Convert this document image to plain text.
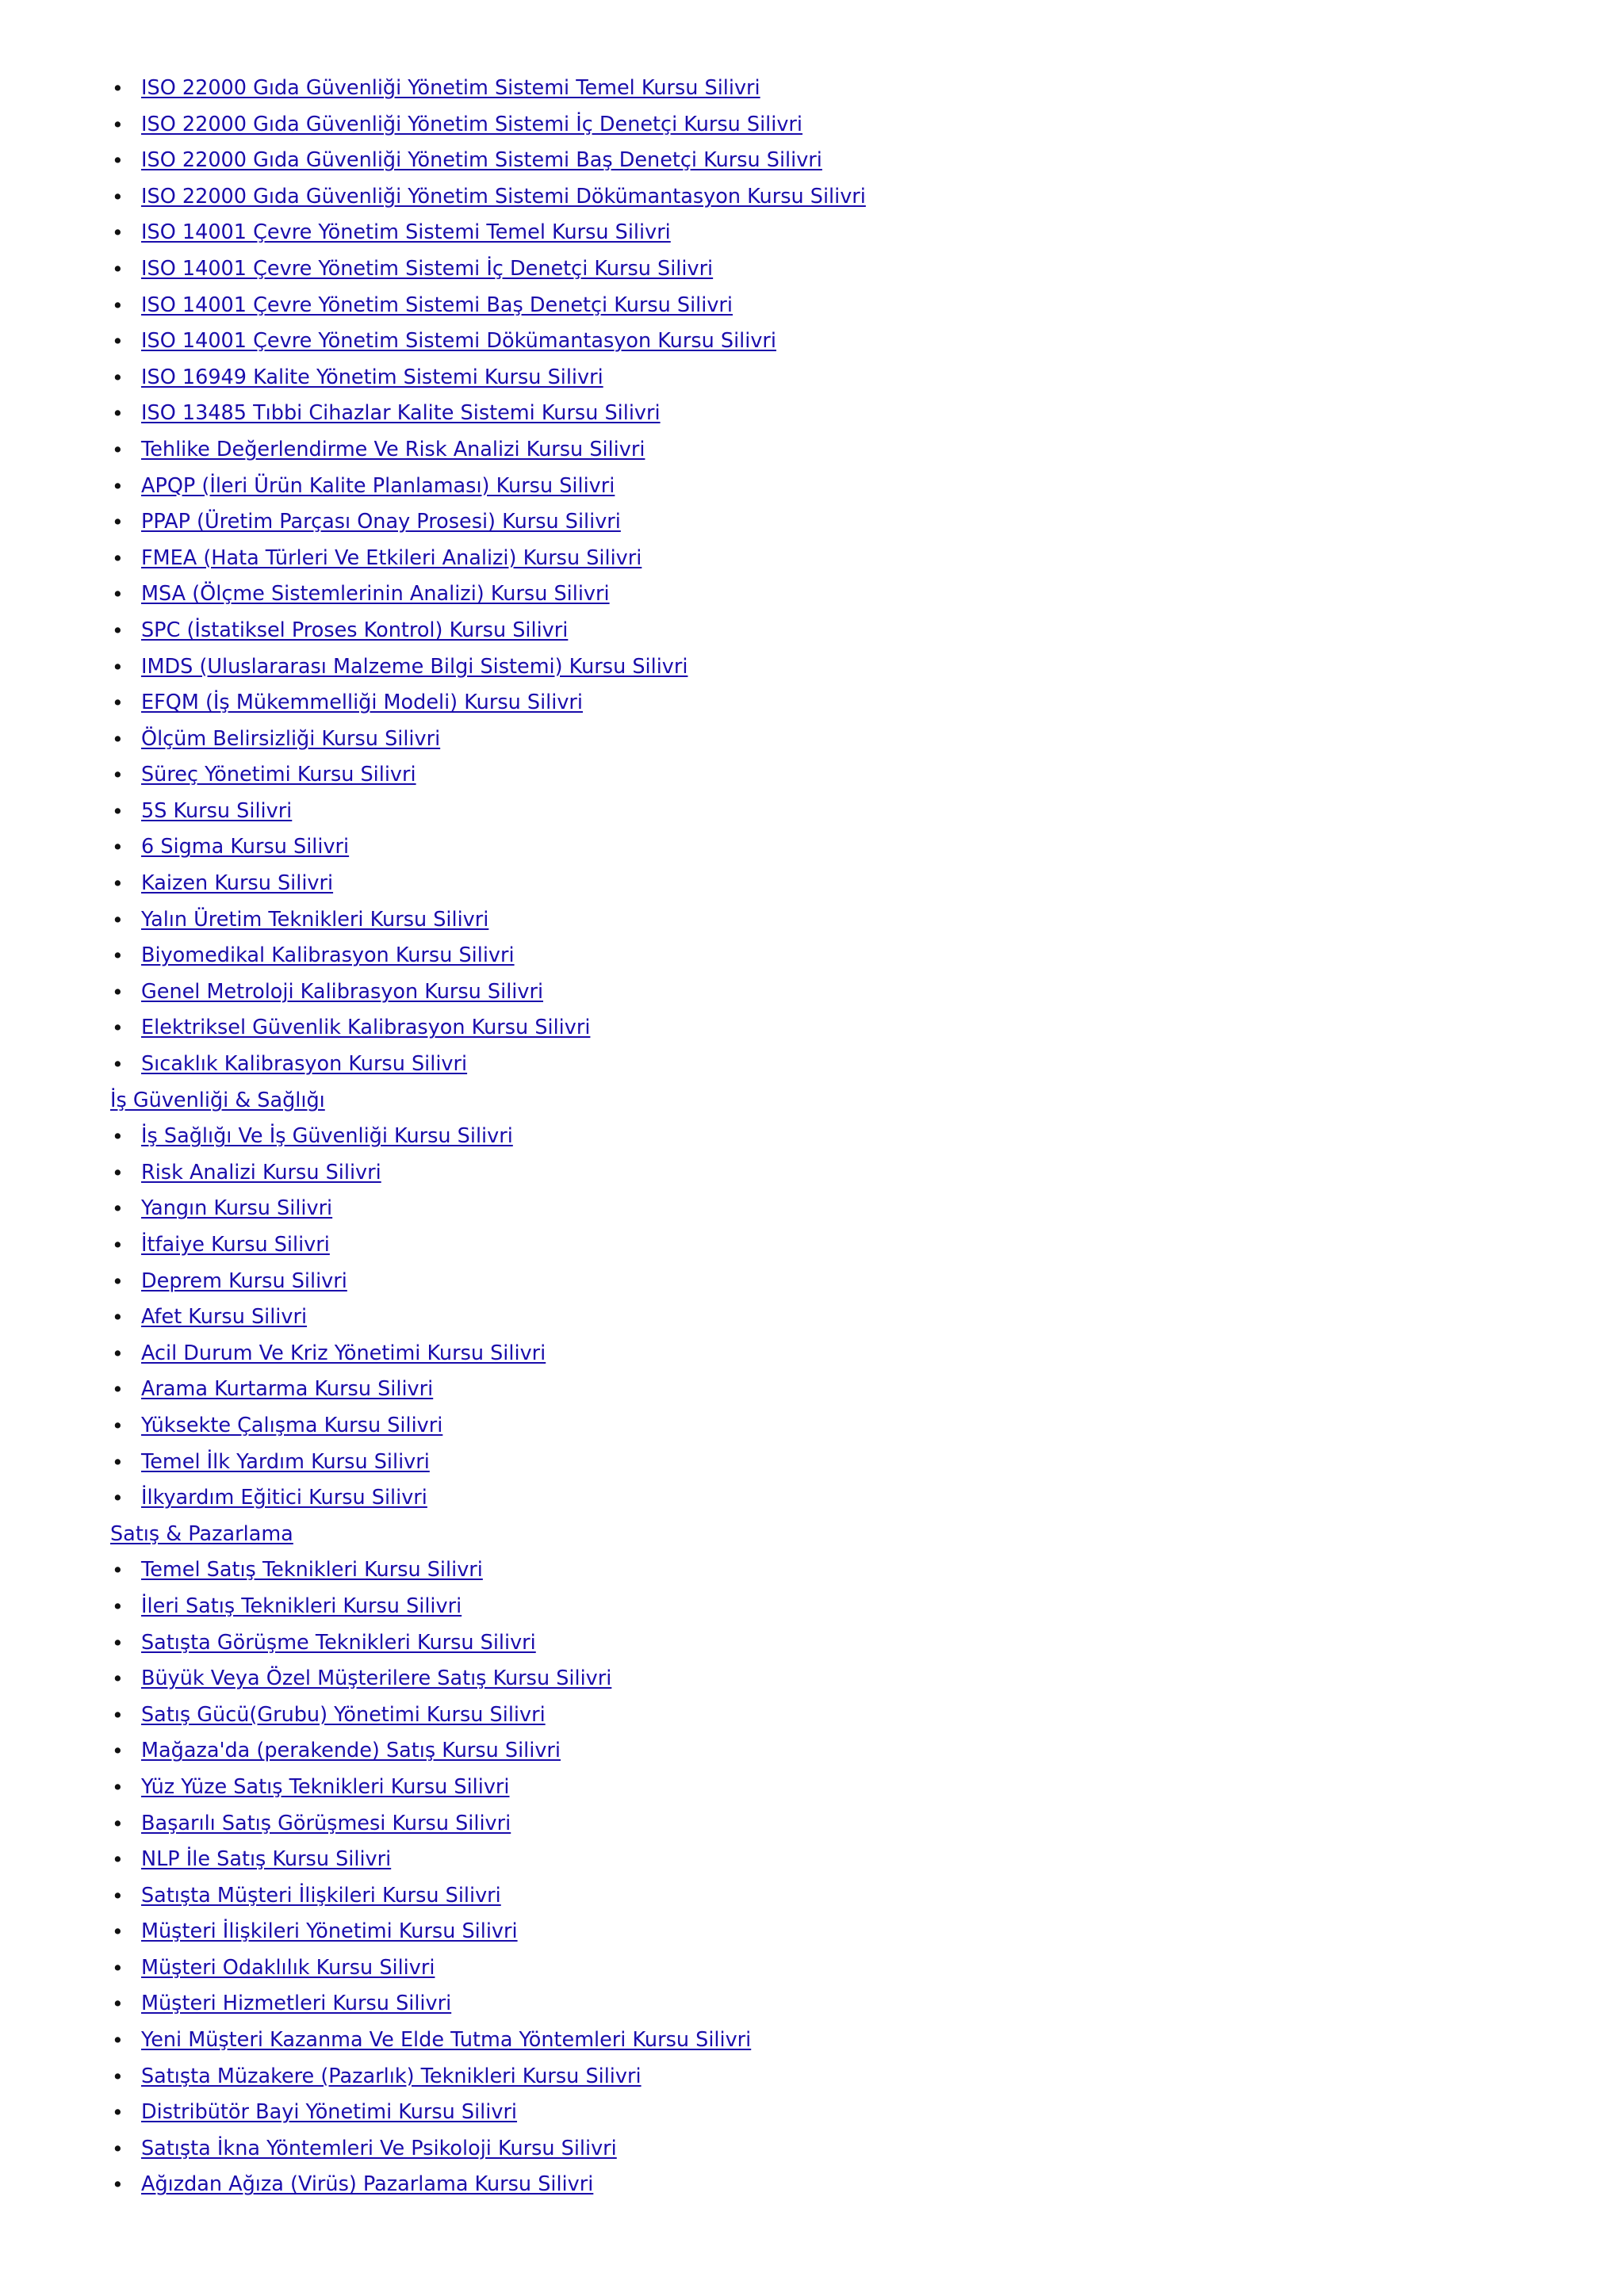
• ISO 22000 Gıda Güvenliği Yönetim Sistemi Temel Kursu Silivri
• ISO 22000 Gıda Güvenliği Yönetim Sistemi İç Denetçi Kursu Silivri
• ISO 22000 Gıda Güvenliği Yönetim Sistemi Baş Denetçi Kursu Silivri
• ISO 22000 Gıda Güvenliği Yönetim Sistemi Dökümantasyon Kursu Silivri
• ISO 14001 Çevre Yönetim Sistemi Temel Kursu Silivri
• ISO 14001 Çevre Yönetim Sistemi İç Denetçi Kursu Silivri
• ISO 14001 Çevre Yönetim Sistemi Baş Denetçi Kursu Silivri
• ISO 14001 Çevre Yönetim Sistemi Dökümantasyon Kursu Silivri
• ISO 16949 Kalite Yönetim Sistemi Kursu Silivri
• ISO 13485 Tıbbi Cihazlar Kalite Sistemi Kursu Silivri
• Tehlike Değerlendirme Ve Risk Analizi Kursu Silivri
• APQP (İleri Ürün Kalite Planlaması) Kursu Silivri
• PPAP (Üretim Parçası Onay Prosesi) Kursu Silivri
• FMEA (Hata Türleri Ve Etkileri Analizi) Kursu Silivri
• MSA (Ölçme Sistemlerinin Analizi) Kursu Silivri
• SPC (İstatiksel Proses Kontrol) Kursu Silivri
• IMDS (Uluslararası Malzeme Bilgi Sistemi) Kursu Silivri
• EFQM (İş Mükemmelliği Modeli) Kursu Silivri
• Ölçüm Belirsizliği Kursu Silivri
• Süreç Yönetimi Kursu Silivri
• 5S Kursu Silivri
• 6 Sigma Kursu Silivri
• Kaizen Kursu Silivri
• Yalın Üretim Teknikleri Kursu Silivri
• Biyomedikal Kalibrasyon Kursu Silivri
• Genel Metroloji Kalibrasyon Kursu Silivri
• Elektriksel Güvenlik Kalibrasyon Kursu Silivri
• Sıcaklık Kalibrasyon Kursu Silivri
İş Güvenliği & Sağlığı
• İş Sağlığı Ve İş Güvenliği Kursu Silivri
• Risk Analizi Kursu Silivri
• Yangın Kursu Silivri
• İtfaiye Kursu Silivri
• Deprem Kursu Silivri
• Afet Kursu Silivri
• Acil Durum Ve Kriz Yönetimi Kursu Silivri
• Arama Kurtarma Kursu Silivri
• Yüksekte Çalışma Kursu Silivri
• Temel İlk Yardım Kursu Silivri
• İlkyardım Eğitici Kursu Silivri
Satış & Pazarlama
• Temel Satış Teknikleri Kursu Silivri
• İleri Satış Teknikleri Kursu Silivri
• Satışta Görüşme Teknikleri Kursu Silivri
• Büyük Veya Özel Müşterilere Satış Kursu Silivri
• Satış Gücü(Grubu) Yönetimi Kursu Silivri
• Mağaza'da (perakende) Satış Kursu Silivri
• Yüz Yüze Satış Teknikleri Kursu Silivri
• Başarılı Satış Görüşmesi Kursu Silivri
• NLP İle Satış Kursu Silivri
• Satışta Müşteri İlişkileri Kursu Silivri
• Müşteri İlişkileri Yönetimi Kursu Silivri
• Müşteri Odaklılık Kursu Silivri
• Müşteri Hizmetleri Kursu Silivri
• Yeni Müşteri Kazanma Ve Elde Tutma Yöntemleri Kursu Silivri
• Satışta Müzakere (Pazarlık) Teknikleri Kursu Silivri
• Distribütör Bayi Yönetimi Kursu Silivri
• Satışta İkna Yöntemleri Ve Psikoloji Kursu Silivri
• Ağızdan Ağıza (Virüs) Pazarlama Kursu Silivri
